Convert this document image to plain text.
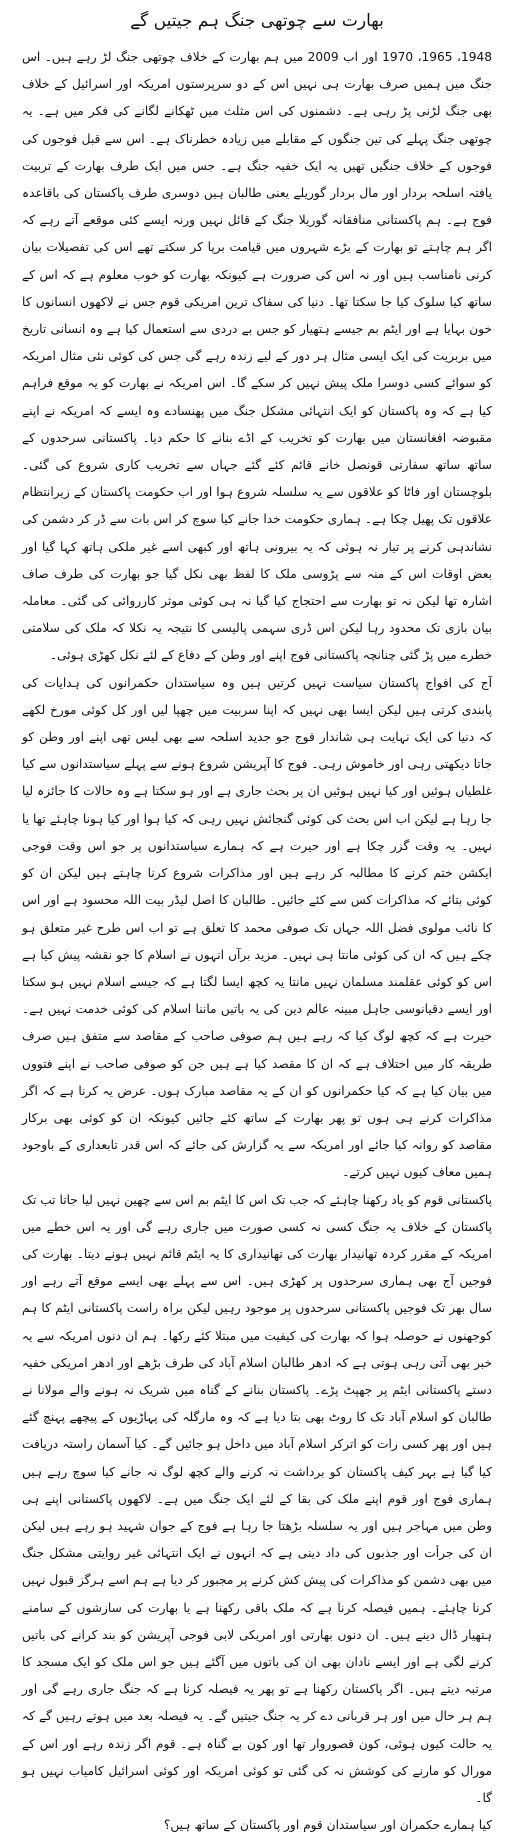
بھارت سے چوتھی جنگ ہم جیتیں گے

1948، 1965، 1970 اور اب 2009 میں ہم بھارت کے خلاف چوتھی جنگ لڑ رہے ہیں۔ اس جنگ میں ہمیں صرف بھارت ہی نہیں اس کے دو سرپرستوں امریکہ اور اسرائیل کے خلاف بھی جنگ لڑنی پڑ رہی ہے۔ دشمنوں کی اس مثلث میں ٹھکانے لگانے کی فکر میں ہے۔ یہ چوتھی جنگ پہلے کی تین جنگوں کے مقابلے میں زیادہ خطرناک ہے۔ اس سے قبل فوجوں کی فوجوں کے خلاف جنگیں تھیں یہ ایک خفیہ جنگ ہے۔ جس میں ایک طرف بھارت کے تربیت یافتہ اسلحہ بردار اور مال بردار گوریلے یعنی طالبان ہیں دوسری طرف پاکستان کی باقاعدہ فوج ہے۔ ہم پاکستانی منافقانہ گوریلا جنگ کے قائل نہیں ورنہ ایسے کئی موقعے آتے رہے کہ اگر ہم چاہتے تو بھارت کے بڑے شہروں میں قیامت برپا کر سکتے تھے اس کی تفصیلات بیان کرنی نامناسب ہیں اور نہ اس کی ضرورت ہے کیونکہ بھارت کو خوب معلوم ہے کہ اس کے ساتھ کیا سلوک کیا جا سکتا تھا۔ دنیا کی سفاک ترین امریکی قوم جس نے لاکھوں انسانوں کا خون بہایا ہے اور ایٹم بم جیسے ہتھیار کو جس بے دردی سے استعمال کیا ہے وہ انسانی تاریخ میں بربریت کی ایک ایسی مثال ہر دور کے لیے زندہ رہے گی جس کی کوئی نئی مثال امریکہ کو سوائے کسی دوسرا ملک پیش نہیں کر سکے گا۔ اس امریکہ نے بھارت کو یہ موقع فراہم کیا ہے کہ وہ پاکستان کو ایک انتہائی مشکل جنگ میں پھنسادے وہ ایسے کہ امریکہ نے اپنے مقبوضہ افغانستان میں بھارت کو تخریب کے اڈے بنانے کا حکم دیا۔ پاکستانی سرحدوں کے ساتھ ساتھ سفارتی قونصل خانے قائم کئے گئے جہاں سے تخریب کاری شروع کی گئی۔ بلوچستان اور فاٹا کو علاقوں سے یہ سلسلہ شروع ہوا اور اب حکومت پاکستان کے زیرانتظام علاقوں تک پھیل چکا ہے۔ ہماری حکومت خدا جانے کیا سوچ کر اس بات سے ڈر کر دشمن کی نشاندہی کرنے پر تیار نہ ہوئی کہ یہ بیرونی ہاتھ اور کبھی اسے غیر ملکی ہاتھ کہا گیا اور بعض اوقات اس کے منہ سے پڑوسی ملک کا لفظ بھی نکل گیا جو بھارت کی طرف صاف اشارہ تھا لیکن نہ تو بھارت سے احتجاج کیا گیا نہ ہی کوئی موثر کارروائی کی گئی۔ معاملہ بیان بازی تک محدود رہا لیکن اس ڈری سہمی پالیسی کا نتیجہ یہ نکلا کہ ملک کی سلامتی خطرے میں پڑ گئی چنانچہ پاکستانی فوج اپنے اور وطن کے دفاع کے لئے نکل کھڑی ہوئی۔

آج کی افواج پاکستان سیاست نہیں کرتیں ہیں وہ سیاستدان حکمرانوں کی ہدایات کی پابندی کرتی ہیں لیکن ایسا بھی نہیں کہ اپنا سربیت میں چھپا لیں اور کل کوئی مورخ لکھے کہ دنیا کی ایک نہایت ہی شاندار فوج جو جدید اسلحہ سے بھی لیس تھی اپنے اور وطن کو جاتا دیکھتی رہی اور خاموش رہی۔ فوج کا آپریشن شروع ہونے سے پہلے سیاستدانوں سے کیا غلطیاں ہوئیں اور کیا نہیں ہوئیں ان پر بحث جاری ہے اور ہو سکتا ہے وہ حالات کا جائزہ لیا جا رہا ہے لیکن اب اس بحث کی کوئی گنجائش نہیں رہی کہ کیا ہوا اور کیا ہونا چاہئے تھا یا نہیں۔ یہ وقت گزر چکا ہے اور حیرت ہے کہ ہمارے سیاستدانوں پر جو اس وقت فوجی ایکشن ختم کرنے کا مطالبہ کر رہے ہیں اور مذاکرات شروع کرنا چاہتے ہیں لیکن ان کو کوئی بتائے کہ مذاکرات کس سے کئے جائیں۔ طالبان کا اصل لیڈر بیت اللہ محسود ہے اور اس کا نائب مولوی فضل اللہ جہاں تک صوفی محمد کا تعلق ہے تو اب اس طرح غیر متعلق ہو چکے ہیں کہ ان کی کوئی مانتا ہی نہیں۔ مزید برآں انہوں نے اسلام کا جو نقشہ پیش کیا ہے اس کو کوئی عقلمند مسلمان نہیں مانتا یہ کچھ ایسا لگتا ہے کہ جیسے اسلام نہیں ہو سکتا اور ایسے دقیانوسی جاہل مبینہ عالم دین کی یہ باتیں ماننا اسلام کی کوئی خدمت نہیں ہے۔ حیرت ہے کہ کچھ لوگ کیا کہ رہے ہیں ہم صوفی صاحب کے مقاصد سے متفق ہیں صرف طریقہ کار میں اختلاف ہے کہ ان کا مقصد کیا ہے ہیں جن کو صوفی صاحب نے اپنے فتووں میں بیان کیا ہے کہ کیا حکمرانوں کو ان کے یہ مقاصد مبارک ہوں۔ عرض یہ کرنا ہے کہ اگر مذاکرات کرنے ہی ہوں تو پھر بھارت کے ساتھ کئے جائیں کیونکہ ان کو کوئی بھی برکار مقاصد کو روانہ کیا جائے اور امریکہ سے یہ گزارش کی جائے کہ اس قدر تابعداری کے باوجود ہمیں معاف کیوں نہیں کرتے۔

پاکستانی قوم کو یاد رکھنا چاہئے کہ جب تک اس کا ایٹم بم اس سے چھین نہیں لیا جاتا تب تک پاکستان کے خلاف یہ جنگ کسی نہ کسی صورت میں جاری رہے گی اور یہ اس خطے میں امریکہ کے مقرر کردہ تھانیدار بھارت کی تھانیداری کا یہ ایٹم قائم نہیں ہونے دیتا۔ بھارت کی فوجیں آج بھی ہماری سرحدوں پر کھڑی ہیں۔ اس سے پہلے بھی ایسے موقع آتے رہے اور سال بھر تک فوجیں پاکستانی سرحدوں پر موجود رہیں لیکن براہ راست پاکستانی ایٹم کا ہم کوجھنوں نے حوصلہ ہوا کہ بھارت کی کیفیت میں مبتلا کئے رکھا۔ ہم ان دنوں امریکہ سے یہ خبر بھی آتی رہی ہوتی ہے کہ ادھر طالبان اسلام آباد کی طرف بڑھے اور ادھر امریکی خفیہ دستے پاکستانی ایٹم پر جھپٹ پڑے۔ پاکستان بنانے کے گناہ میں شریک نہ ہونے والے مولانا نے طالبان کو اسلام آباد تک کا روٹ بھی بتا دیا ہے کہ وہ مارگلہ کی پہاڑیوں کے پیچھے پہنچ گئے ہیں اور پھر کسی رات کو اترکر اسلام آباد میں داخل ہو جائیں گے۔ کیا آسمان راستہ دریافت کیا گیا ہے بہر کیف پاکستان کو برداشت نہ کرنے والے کچھ لوگ نہ جانے کیا سوچ رہے ہیں ہماری فوج اور قوم اپنے ملک کی بقا کے لئے ایک جنگ میں ہے۔ لاکھوں پاکستانی اپنے ہی وطن میں مہاجر ہیں اور یہ سلسلہ بڑھتا جا رہا ہے فوج کے جوان شہید ہو رہے ہیں لیکن ان کی جرأت اور جذبوں کی داد دینی ہے کہ انہوں نے ایک انتہائی غیر روایتی مشکل جنگ میں بھی دشمن کو مذاکرات کی پیش کش کرنے پر مجبور کر دیا ہے ہم اسے ہرگز قبول نہیں کرنا چاہئے۔ ہمیں فیصلہ کرنا ہے کہ ملک باقی رکھنا ہے یا بھارت کی سازشوں کے سامنے ہتھیار ڈال دینے ہیں۔ ان دنوں بھارتی اور امریکی لابی فوجی آپریشن کو بند کرانے کی باتیں کرنے لگی ہے اور ایسے نادان بھی ان کی باتوں میں آگئے ہیں جو اس ملک کو ایک مسجد کا مرتبہ دیتے ہیں۔ اگر پاکستان رکھنا ہے تو پھر یہ فیصلہ کرنا ہے کہ جنگ جاری رہے گی اور ہم ہر حال میں اور ہر قربانی دے کر یہ جنگ جیتیں گے۔ یہ فیصلہ بعد میں ہوتے رہیں گے کہ یہ حالت کیوں ہوئی، کون قصوروار تھا اور کون بے گناہ ہے۔ قوم اگر زندہ رہے اور اس کے مورال کو مارنے کی کوشش نہ کی گئی تو کوئی امریکہ اور کوئی اسرائیل کامیاب نہیں ہو گا۔

کیا ہمارے حکمران اور سیاستدان قوم اور پاکستان کے ساتھ ہیں؟
